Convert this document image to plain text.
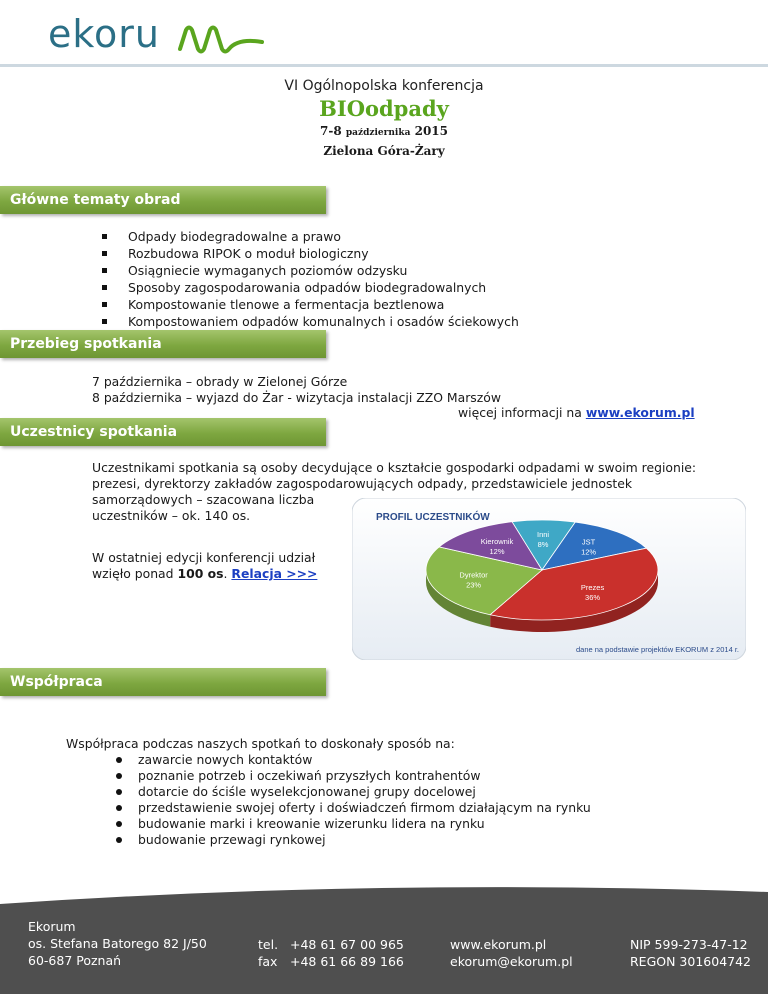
ekoru
VI Ogólnopolska konferencja
BIOodpady
7-8 października 2015
Zielona Góra-Żary
Główne tematy obrad
Odpady biodegradowalne a prawo
Rozbudowa RIPOK o moduł biologiczny
Osiągniecie wymaganych poziomów odzysku
Sposoby zagospodarowania odpadów biodegradowalnych
Kompostowanie tlenowe a fermentacja beztlenowa
Kompostowaniem odpadów komunalnych i osadów ściekowych
Przebieg spotkania
7 października – obrady w Zielonej Górze
8 października – wyjazd do Żar - wizytacja instalacji ZZO Marszów
więcej informacji na www.ekorum.pl
Uczestnicy spotkania
Uczestnikami spotkania są osoby decydujące o kształcie gospodarki odpadami w swoim regionie:
prezesi, dyrektorzy zakładów zagospodarowujących odpady, przedstawiciele jednostek
samorządowych – szacowana liczba
uczestników – ok. 140 os.
W ostatniej edycji konferencji udział
wzięło ponad 100 os. Relacja >>>
PROFIL UCZESTNIKÓW
Inni
8%	JST
12%
Prezes
36%
Dyrektor
23%
Kierownik
12%
dane na podstawie projektów EKORUM z 2014 r.
Współpraca
Współpraca podczas naszych spotkań to doskonały sposób na:
zawarcie nowych kontaktów
poznanie potrzeb i oczekiwań przyszłych kontrahentów
dotarcie do ściśle wyselekcjonowanej grupy docelowej
przedstawienie swojej oferty i doświadczeń firmom działającym na rynku
budowanie marki i kreowanie wizerunku lidera na rynku
budowanie przewagi rynkowej
Ekorum
os. Stefana Batorego 82 J/50
60-687 Poznań
tel.
fax
+48 61 67 00 965
+48 61 66 89 166
www.ekorum.pl
ekorum@ekorum.pl
NIP 599-273-47-12
REGON 301604742
